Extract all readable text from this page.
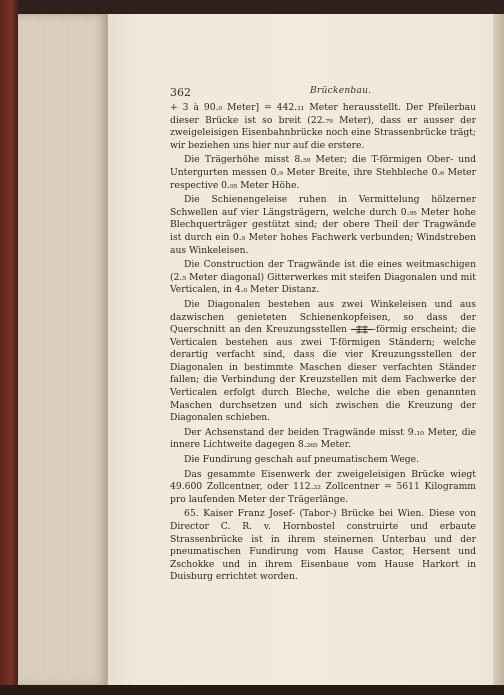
362	Brückenbau.

+ 3 à 90.₀ Meter] = 442.₂₁ Meter herausstellt. Der Pfeilerbau dieser Brücke ist so breit (22.₇₉ Meter), dass er ausser der zweigeleisigen Eisenbahnbrücke noch eine Strassenbrücke trägt; wir beziehen uns hier nur auf die erstere.

Die Trägerhöhe misst 8.₅₉ Meter; die T-förmigen Ober- und Untergurten messen 0.₉ Meter Breite, ihre Stehbleche 0.₆ Meter respective 0.₉₅ Meter Höhe.

Die Schienengeleise ruhen in Vermittelung hölzerner Schwellen auf vier Längsträgern, welche durch 0.₉₅ Meter hohe Blechquerträger gestützt sind; der obere Theil der Tragwände ist durch ein 0.₉ Meter hohes Fachwerk verbunden; Windstreben aus Winkeleisen.

Die Construction der Tragwände ist die eines weitmaschigen (2.₅ Meter diagonal) Gitterwerkes mit steifen Diagonalen und mit Verticalen, in 4.₀ Meter Distanz.

Die Diagonalen bestehen aus zwei Winkeleisen und aus dazwischen genieteten Schienenkopfeisen, so dass der Querschnitt an den Kreuzungsstellen	-förmig erscheint; die Verticalen bestehen aus zwei T-förmigen Ständern; welche derartig verfacht sind, dass die vier Kreuzungsstellen der Diagonalen in bestimmte Maschen dieser verfachten Ständer fallen; die Verbindung der Kreuzstellen mit dem Fachwerke der Verticalen erfolgt durch Bleche, welche die eben genannten Maschen durchsetzen und sich zwischen die Kreuzung der Diagonalen schieben.

Der Achsenstand der beiden Tragwände misst 9.₁₀ Meter, die innere Lichtweite dagegen 8.₂₆₅ Meter.

Die Fundirung geschah auf pneumatischem Wege.

Das gesammte Eisenwerk der zweigeleisigen Brücke wiegt 49.600 Zollcentner, oder 112.₂₂ Zollcentner = 5611 Kilogramm pro laufenden Meter der Trägerlänge.

65. Kaiser Franz Josef- (Tabor-) Brücke bei Wien. Diese von Director C. R. v. Hornbostel construirte und erbaute Strassenbrücke ist in ihrem steinernen Unterbau und der pneumatischen Fundirung vom Hause Castor, Hersent und Zschokke und in ihrem Eisenbaue vom Hause Harkort in Duisburg errichtet worden.
